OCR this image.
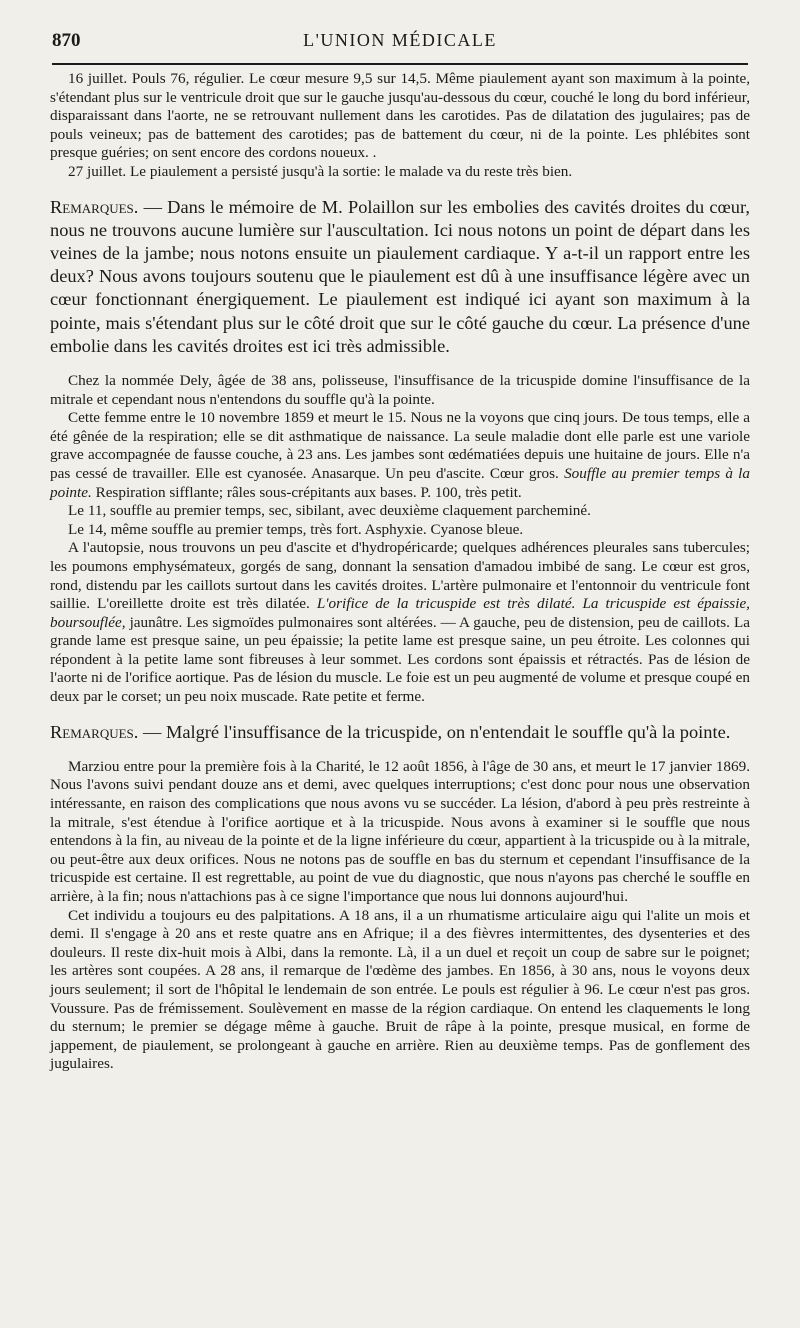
870	L'UNION MÉDICALE

16 juillet. Pouls 76, régulier. Le cœur mesure 9,5 sur 14,5. Même piaulement ayant son maximum à la pointe, s'étendant plus sur le ventricule droit que sur le gauche jusqu'au-dessous du cœur, couché le long du bord inférieur, disparaissant dans l'aorte, ne se retrouvant nullement dans les carotides. Pas de dilatation des jugulaires; pas de pouls veineux; pas de battement des carotides; pas de battement du cœur, ni de la pointe. Les phlébites sont presque guéries; on sent encore des cordons noueux. .

27 juillet. Le piaulement a persisté jusqu'à la sortie: le malade va du reste très bien.

Remarques. — Dans le mémoire de M. Polaillon sur les embolies des cavités droites du cœur, nous ne trouvons aucune lumière sur l'auscultation. Ici nous notons un point de départ dans les veines de la jambe; nous notons ensuite un piaulement cardiaque. Y a-t-il un rapport entre les deux? Nous avons toujours soutenu que le piaulement est dû à une insuffisance légère avec un cœur fonctionnant énergiquement. Le piaulement est indiqué ici ayant son maximum à la pointe, mais s'étendant plus sur le côté droit que sur le côté gauche du cœur. La présence d'une embolie dans les cavités droites est ici très admissible.

Chez la nommée Dely, âgée de 38 ans, polisseuse, l'insuffisance de la tricuspide domine l'insuffisance de la mitrale et cependant nous n'entendons du souffle qu'à la pointe.

Cette femme entre le 10 novembre 1859 et meurt le 15. Nous ne la voyons que cinq jours. De tous temps, elle a été gênée de la respiration; elle se dit asthmatique de naissance. La seule maladie dont elle parle est une variole grave accompagnée de fausse couche, à 23 ans. Les jambes sont œdématiées depuis une huitaine de jours. Elle n'a pas cessé de travailler. Elle est cyanosée. Anasarque. Un peu d'ascite. Cœur gros. Souffle au premier temps à la pointe. Respiration sifflante; râles sous-crépitants aux bases. P. 100, très petit.

Le 11, souffle au premier temps, sec, sibilant, avec deuxième claquement parcheminé.

Le 14, même souffle au premier temps, très fort. Asphyxie. Cyanose bleue.

A l'autopsie, nous trouvons un peu d'ascite et d'hydropéricarde; quelques adhérences pleurales sans tubercules; les poumons emphysémateux, gorgés de sang, donnant la sensation d'amadou imbibé de sang. Le cœur est gros, rond, distendu par les caillots surtout dans les cavités droites. L'artère pulmonaire et l'entonnoir du ventricule font saillie. L'oreillette droite est très dilatée. L'orifice de la tricuspide est très dilaté. La tricuspide est épaissie, boursouflée, jaunâtre. Les sigmoïdes pulmonaires sont altérées. — A gauche, peu de distension, peu de caillots. La grande lame est presque saine, un peu épaissie; la petite lame est presque saine, un peu étroite. Les colonnes qui répondent à la petite lame sont fibreuses à leur sommet. Les cordons sont épaissis et rétractés. Pas de lésion de l'aorte ni de l'orifice aortique. Pas de lésion du muscle. Le foie est un peu augmenté de volume et presque coupé en deux par le corset; un peu noix muscade. Rate petite et ferme.

Remarques. — Malgré l'insuffisance de la tricuspide, on n'entendait le souffle qu'à la pointe.

Marziou entre pour la première fois à la Charité, le 12 août 1856, à l'âge de 30 ans, et meurt le 17 janvier 1869. Nous l'avons suivi pendant douze ans et demi, avec quelques interruptions; c'est donc pour nous une observation intéressante, en raison des complications que nous avons vu se succéder. La lésion, d'abord à peu près restreinte à la mitrale, s'est étendue à l'orifice aortique et à la tricuspide. Nous avons à examiner si le souffle que nous entendons à la fin, au niveau de la pointe et de la ligne inférieure du cœur, appartient à la tricuspide ou à la mitrale, ou peut-être aux deux orifices. Nous ne notons pas de souffle en bas du sternum et cependant l'insuffisance de la tricuspide est certaine. Il est regrettable, au point de vue du diagnostic, que nous n'ayons pas cherché le souffle en arrière, à la fin; nous n'attachions pas à ce signe l'importance que nous lui donnons aujourd'hui.

Cet individu a toujours eu des palpitations. A 18 ans, il a un rhumatisme articulaire aigu qui l'alite un mois et demi. Il s'engage à 20 ans et reste quatre ans en Afrique; il a des fièvres intermittentes, des dysenteries et des douleurs. Il reste dix-huit mois à Albi, dans la remonte. Là, il a un duel et reçoit un coup de sabre sur le poignet; les artères sont coupées. A 28 ans, il remarque de l'œdème des jambes. En 1856, à 30 ans, nous le voyons deux jours seulement; il sort de l'hôpital le lendemain de son entrée. Le pouls est régulier à 96. Le cœur n'est pas gros. Voussure. Pas de frémissement. Soulèvement en masse de la région cardiaque. On entend les claquements le long du sternum; le premier se dégage même à gauche. Bruit de râpe à la pointe, presque musical, en forme de jappement, de piaulement, se prolongeant à gauche en arrière. Rien au deuxième temps. Pas de gonflement des jugulaires.
